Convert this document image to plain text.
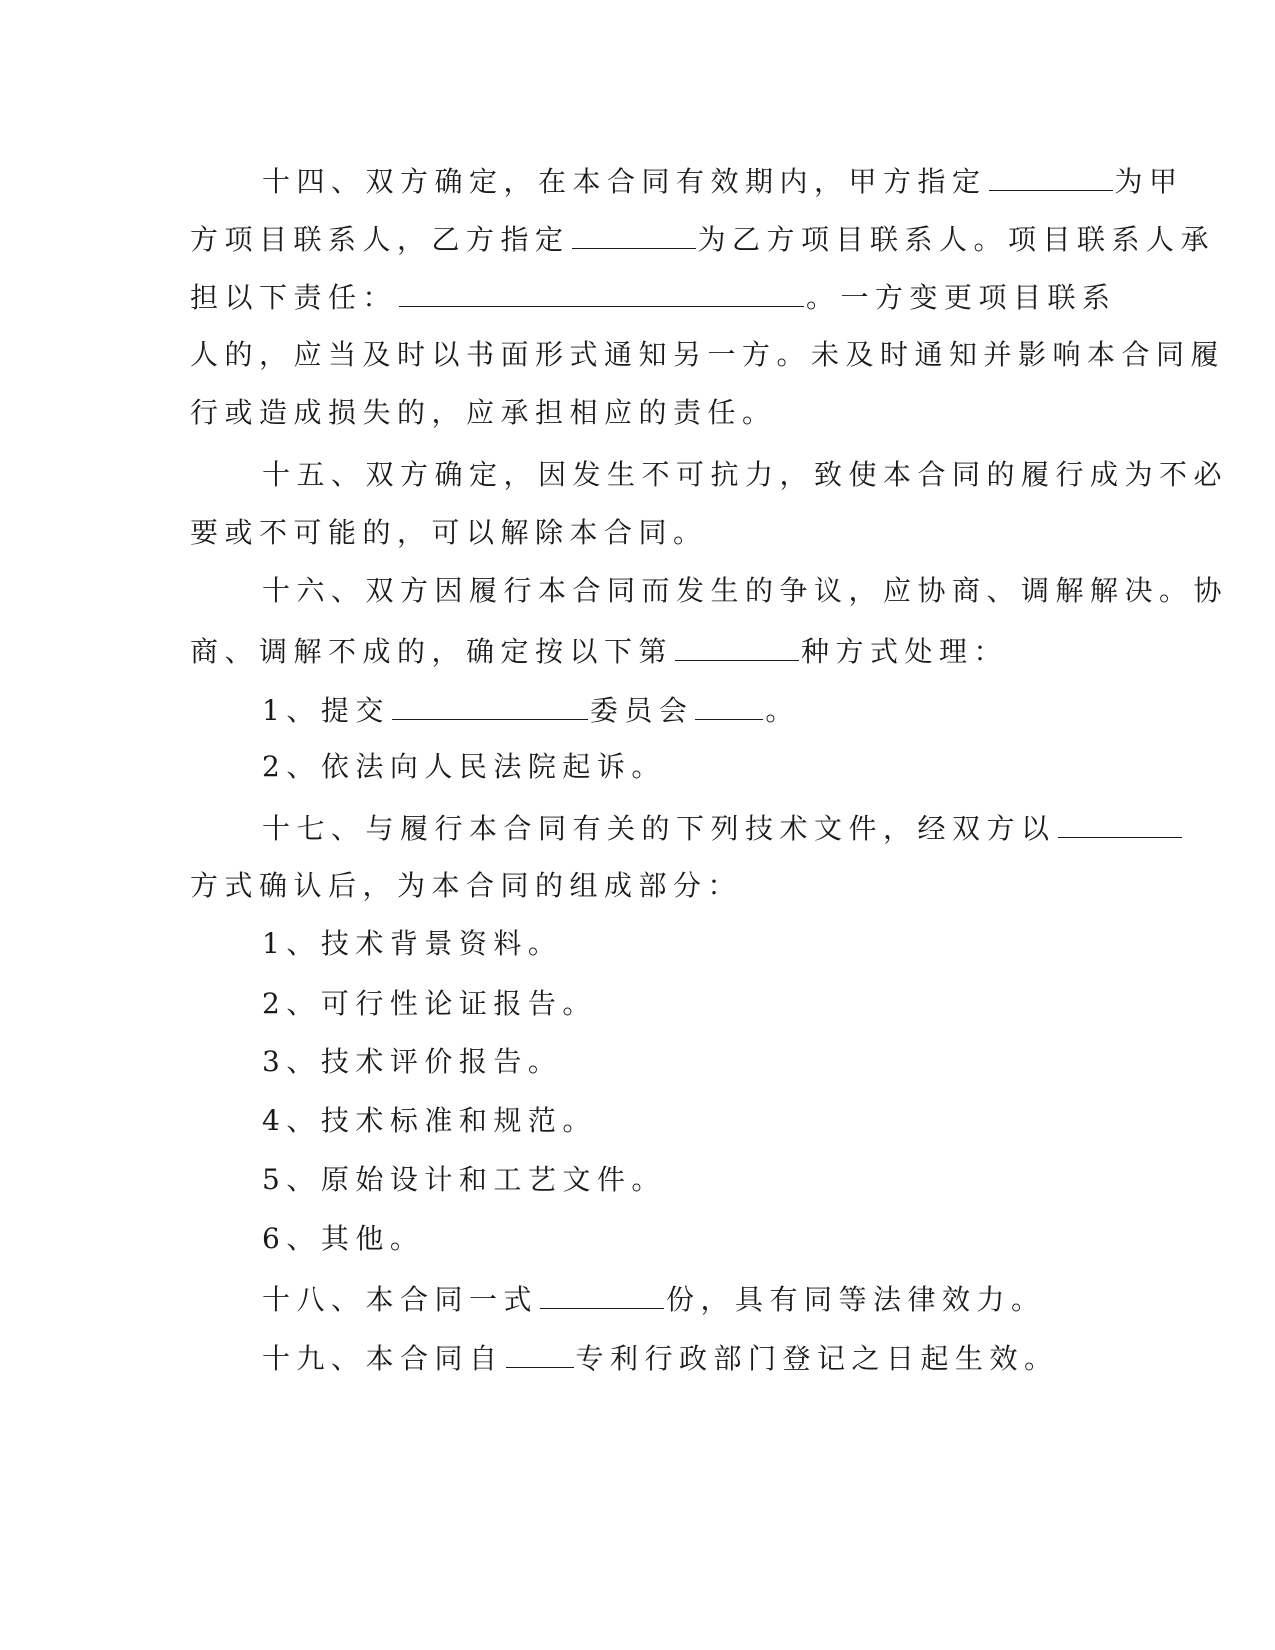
十四、双方确定，在本合同有效期内，甲方指定	为甲
方项目联系人，乙方指定	为乙方项目联系人。项目联系人承
担以下责任：	。一方变更项目联系
人的，应当及时以书面形式通知另一方。未及时通知并影响本合同履
行或造成损失的，应承担相应的责任。
十五、双方确定，因发生不可抗力，致使本合同的履行成为不必
要或不可能的，可以解除本合同。
十六、双方因履行本合同而发生的争议，应协商、调解解决。协
商、调解不成的，确定按以下第	种方式处理：
1、提交	委员会	。
2、依法向人民法院起诉。
十七、与履行本合同有关的下列技术文件，经双方以
方式确认后，为本合同的组成部分：
1、技术背景资料。
2、可行性论证报告。
3、技术评价报告。
4、技术标准和规范。
5、原始设计和工艺文件。
6、其他。
十八、本合同一式	份，具有同等法律效力。
十九、本合同自	专利行政部门登记之日起生效。
